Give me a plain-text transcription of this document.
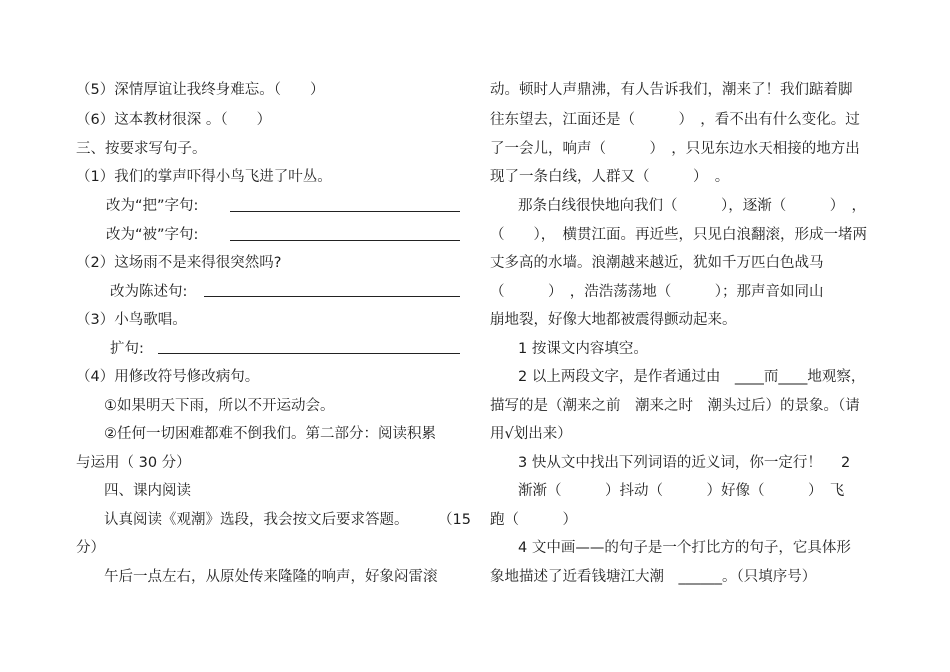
（5）深情厚谊让我终身难忘。（　　）
（6）这本教材很深 。（　　）
三、按要求写句子。
（1）我们的掌声吓得小鸟飞进了叶丛。
改为“把”字句:
改为“被”字句:
（2）这场雨不是来得很突然吗?
改为陈述句:
（3）小鸟歌唱。
扩句:
（4）用修改符号修改病句。
①如果明天下雨，所以不开运动会。
②任何一切困难都难不倒我们。第二部分：阅读积累
与运用（ 30 分）
四、课内阅读
认真阅读《观潮》选段，我会按文后要求答题。 （15
分）
午后一点左右，从原处传来隆隆的响声，好象闷雷滚
动。顿时人声鼎沸，有人告诉我们，潮来了！我们踮着脚
往东望去，江面还是（　　　）　，看不出有什么变化。过
了一会儿，响声（　　　）　，只见东边水天相接的地方出
现了一条白线，人群又（　　　）　。
那条白线很快地向我们（　　　），逐渐（　　　）　，
（　　），　横贯江面。再近些，只见白浪翻滚，形成一堵两
丈多高的水墙。浪潮越来越近，犹如千万匹白色战马
（　　　）　，浩浩荡荡地（　　　）；那声音如同山
崩地裂，好像大地都被震得颤动起来。
1 按课文内容填空。
2 以上两段文字，是作者通过由　____而____地观察，
描写的是（潮来之前　潮来之时　潮头过后）的景象。（请
用√划出来）
3 快从文中找出下列词语的近义词，你一定行！　 2
渐渐（　　　）抖动（　　　）好像（　　　）　飞
跑（　　　）
4 文中画——的句子是一个打比方的句子，它具体形
象地描述了近看钱塘江大潮　______。（只填序号）
